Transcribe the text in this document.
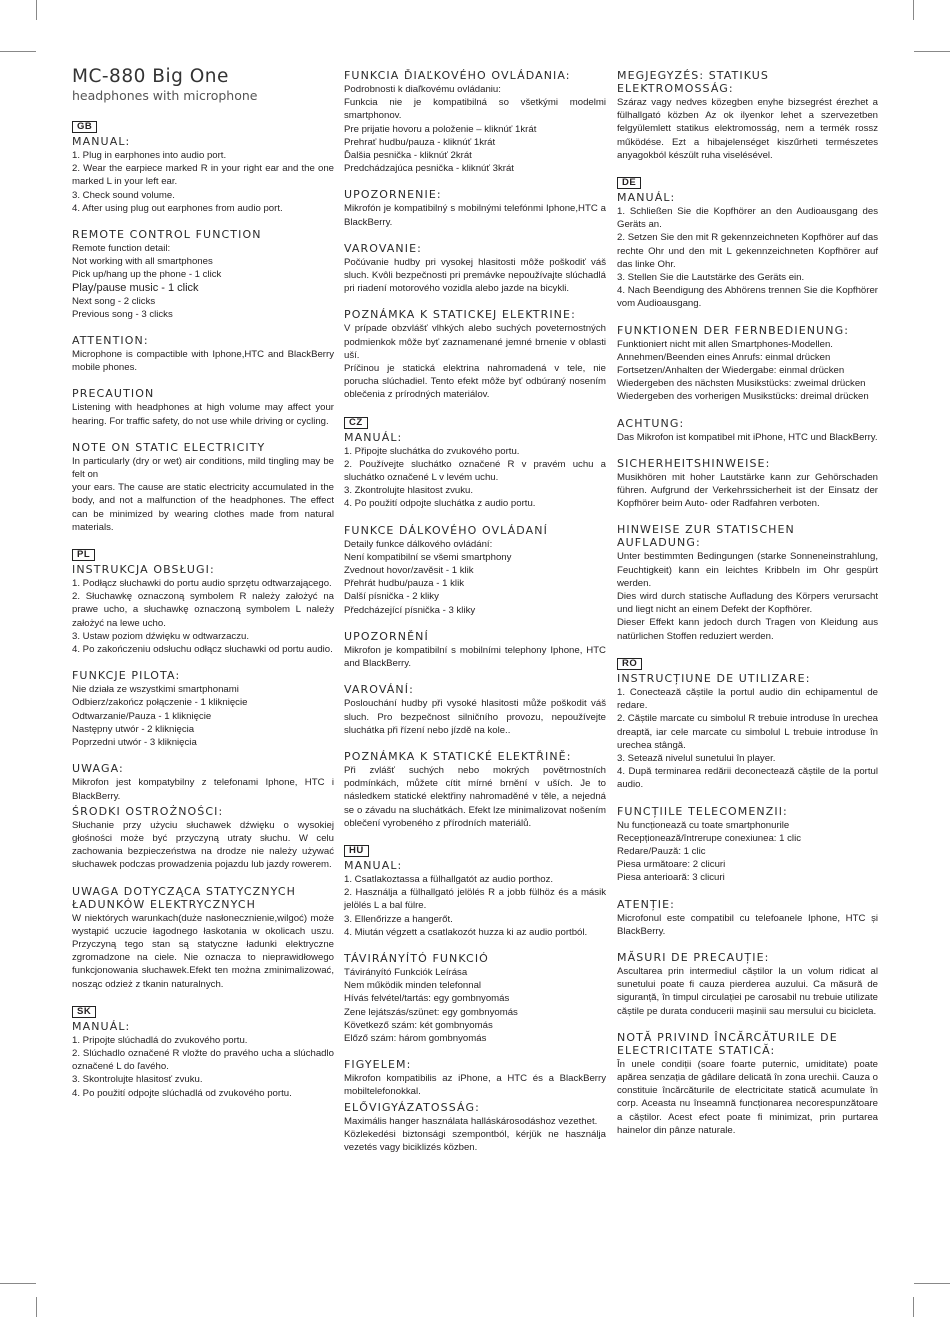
MC-880 Big One
headphones with microphone
GB

MANUAL:

1. Plug in earphones into audio port.

2. Wear the earpiece marked R in your right ear and the one marked L in your left ear.

3. Check sound volume.

4. After using plug out earphones from audio port.

REMOTE CONTROL FUNCTION

Remote function detail:

Not working with all smartphones

Pick up/hang up the phone - 1 click

Play/pause music - 1 click

Next song - 2 clicks

Previous song - 3 clicks

ATTENTION:

Microphone is compactible with Iphone,HTC and BlackBerry mobile phones.

PRECAUTION

Listening with headphones at high volume may affect your hearing. For traffic safety, do not use while driving or cycling.

NOTE ON STATIC ELECTRICITY

In particularly (dry or wet) air conditions, mild tingling may be felt on

your ears. The cause are static electricity accumulated in the body, and not a malfunction of the headphones. The effect can be minimized by wearing clothes made from natural materials.

PL

INSTRUKCJA OBSŁUGI:

1. Podłącz słuchawki do portu audio sprzętu odtwarzającego.

2. Słuchawkę oznaczoną symbolem R należy założyć na prawe ucho, a słuchawkę oznaczoną symbolem L należy założyć na lewe ucho.

3. Ustaw poziom dźwięku w odtwarzaczu.

4. Po zakończeniu odsłuchu odłącz słuchawki od portu audio.

FUNKCJE PILOTA:

Nie działa ze wszystkimi smartphonami

Odbierz/zakończ połączenie - 1 kliknięcie

Odtwarzanie/Pauza - 1 kliknięcie

Następny utwór - 2 kliknięcia

Poprzedni utwór - 3 kliknięcia

UWAGA:

Mikrofon jest kompatybilny z telefonami Iphone, HTC i BlackBerry.

ŚRODKI OSTROŻNOŚCI:

Słuchanie przy użyciu słuchawek dźwięku o wysokiej głośności może być przyczyną utraty słuchu. W celu zachowania bezpieczeństwa na drodze nie należy używać słuchawek podczas prowadzenia pojazdu lub jazdy rowerem.

UWAGA DOTYCZĄCA STATYCZNYCH ŁADUNKÓW ELEKTRYCZNYCH

W niektórych warunkach(duże nasłonecznienie,wilgoć) może wystąpić uczucie łagodnego łaskotania w okolicach uszu. Przyczyną tego stan są statyczne ładunki elektryczne zgromadzone na ciele. Nie oznacza to nieprawidłowego funkcjonowania słuchawek.Efekt ten można zminimalizować, nosząc odzież z tkanin naturalnych.

SK

MANUÁL:

1. Pripojte slúchadlá do zvukového portu.

2. Slúchadlo označené R vložte do pravého ucha a slúchadlo označené L do ľavého.

3. Skontrolujte hlasitosť zvuku.

4. Po použití odpojte slúchadlá od zvukového portu.

FUNKCIA ĎIAĽKOVÉHO OVLÁDANIA:

Podrobnosti k diaľkovému ovládaniu:

Funkcia nie je kompatibilná so všetkými modelmi smartphonov.

Pre prijatie hovoru a položenie – kliknúť 1krát

Prehrať hudbu/pauza - kliknúť 1krát

Ďalšia pesnička - kliknúť 2krát

Predchádzajúca pesnička - kliknúť 3krát

UPOZORNENIE:

Mikrofón je kompatibilný s mobilnými telefónmi Iphone,HTC a BlackBerry.

VAROVANIE:

Počúvanie hudby pri vysokej hlasitosti môže poškodiť váš sluch. Kvôli bezpečnosti pri premávke nepoužívajte slúchadlá pri riadení motorového vozidla alebo jazde na bicykli.

POZNÁMKA K STATICKEJ ELEKTRINE:

V prípade obzvlášť vlhkých alebo suchých poveternostných podmienkok môže byť zaznamenané jemné brnenie v oblasti uší.

Príčinou je statická elektrina nahromadená v tele, nie porucha slúchadiel. Tento efekt môže byť odbúraný nosením oblečenia z prírodných materiálov.

CZ

MANUÁL:

1. Připojte sluchátka do zvukového portu.

2. Používejte sluchátko označené R v pravém uchu a sluchátko označené L v levém uchu.

3. Zkontrolujte hlasitost zvuku.

4. Po použití odpojte sluchátka z audio portu.

FUNKCE DÁLKOVÉHO OVLÁDANÍ

Detaily funkce dálkového ovládání:

Není kompatibilní se všemi smartphony

Zvednout hovor/zavěsit - 1 klik

Přehrát hudbu/pauza - 1 klik

Další písnička - 2 kliky

Předcházející písnička - 3 kliky

UPOZORNĚNÍ

Mikrofon je kompatibilní s mobilními telephony Iphone, HTC and BlackBerry.

VAROVÁNÍ:

Poslouchání hudby při vysoké hlasitosti může poškodit váš sluch. Pro bezpečnost silničního provozu, nepoužívejte sluchátka při řízení nebo jízdě na kole..

POZNÁMKA K STATICKÉ ELEKTŘINĚ:

Při zvlášť suchých nebo mokrých povětrnostních podmínkách, můžete cítit mírné brnění v uších. Je to následkem statické elektřiny nahromaděné v těle, a nejedná se o závadu na sluchátkách. Efekt lze minimalizovat nošením oblečení vyrobeného z přírodních materiálů.

HU

MANUAL:

1. Csatlakoztassa a fülhallgatót az audio porthoz.

2. Használja a fülhallgató jelölés R a jobb fülhöz és a másik jelölés L a bal fülre.

3. Ellenőrizze a hangerőt.

4. Miután végzett a csatlakozót huzza ki az audio portból.

TÁVIRÁNYÍTÓ FUNKCIÓ

Távirányító Funkciók Leírása

Nem működik minden telefonnal

Hívás felvétel/tartás: egy gombnyomás

Zene lejátszás/szünet: egy gombnyomás

Következő szám: két gombnyomás

Előző szám: három gombnyomás

FIGYELEM:

Mikrofon kompatibilis az iPhone, a HTC és a BlackBerry mobiltelefonokkal.

ELŐVIGYÁZATOSSÁG:

Maximális hanger használata halláskárosodáshoz vezethet.

Közlekedési biztonsági szempontból, kérjük ne használja vezetés vagy biciklizés közben.

MEGJEGYZÉS: STATIKUS ELEKTROMOSSÁG:

Száraz vagy nedves közegben enyhe bizsegrést érezhet a fülhallgató közben Az ok ilyenkor lehet a szervezetben felgyülemlett statikus elektromosság, nem a termék rossz működése. Ezt a hibajelenséget kiszűrheti természetes anyagokból készült ruha viselésével.

DE

MANUÁL:

1. Schließen Sie die Kopfhörer an den Audioausgang des Geräts an.

2. Setzen Sie den mit R gekennzeichneten Kopfhörer auf das rechte Ohr und den mit L gekennzeichneten Kopfhörer auf das linke Ohr.

3. Stellen Sie die Lautstärke des Geräts ein.

4. Nach Beendigung des Abhörens trennen Sie die Kopfhörer vom Audioausgang.

FUNKTIONEN DER FERNBEDIENUNG:

Funktioniert nicht mit allen Smartphones-Modellen.

Annehmen/Beenden eines Anrufs: einmal drücken

Fortsetzen/Anhalten der Wiedergabe: einmal drücken

Wiedergeben des nächsten Musikstücks: zweimal drücken

Wiedergeben des vorherigen Musikstücks: dreimal drücken

ACHTUNG:

Das Mikrofon ist kompatibel mit iPhone, HTC und BlackBerry.

SICHERHEITSHINWEISE:

Musikhören mit hoher Lautstärke kann zur Gehörschaden führen. Aufgrund der Verkehrssicherheit ist der Einsatz der Kopfhörer beim Auto- oder Radfahren verboten.

HINWEISE ZUR STATISCHEN AUFLADUNG:

Unter bestimmten Bedingungen (starke Sonneneinstrahlung, Feuchtigkeit) kann ein leichtes Kribbeln im Ohr gespürt werden.

Dies wird durch statische Aufladung des Körpers verursacht und liegt nicht an einem Defekt der Kopfhörer.

Dieser Effekt kann jedoch durch Tragen von Kleidung aus natürlichen Stoffen reduziert werden.

RO

INSTRUCȚIUNE DE UTILIZARE:

1. Conectează căștile la portul audio din echipamentul de redare.

2. Căștile marcate cu simbolul R trebuie introduse în urechea dreaptă, iar cele marcate cu simbolul L trebuie introduse în urechea stângă.

3. Setează nivelul sunetului în player.

4. După terminarea redării deconectează căștile de la portul audio.

FUNCȚIILE TELECOMENZII:

Nu funcționează cu toate smartphonurile

Recepționează/întrerupe conexiunea: 1 clic

Redare/Pauză: 1 clic

Piesa următoare: 2 clicuri

Piesa anterioară: 3 clicuri

ATENȚIE:

Microfonul este compatibil cu telefoanele Iphone, HTC și BlackBerry.

MĂSURI DE PRECAUȚIE:

Ascultarea prin intermediul căștilor la un volum ridicat al sunetului poate fi cauza pierderea auzului. Ca măsură de siguranță, în timpul circulației pe carosabil nu trebuie utilizate căștile pe durata conducerii mașinii sau mersului cu bicicleta.

NOTĂ PRIVIND ÎNCĂRCĂTURILE DE ELECTRICITATE STATICĂ:

În unele condiții (soare foarte puternic, umiditate) poate apărea senzația de gâdilare delicată în zona urechii. Cauza o constituie încărcăturile de electricitate statică acumulate în corp. Aceasta nu înseamnă funcționarea necorespunzătoare a căștilor. Acest efect poate fi minimizat, prin purtarea hainelor din pânze naturale.
